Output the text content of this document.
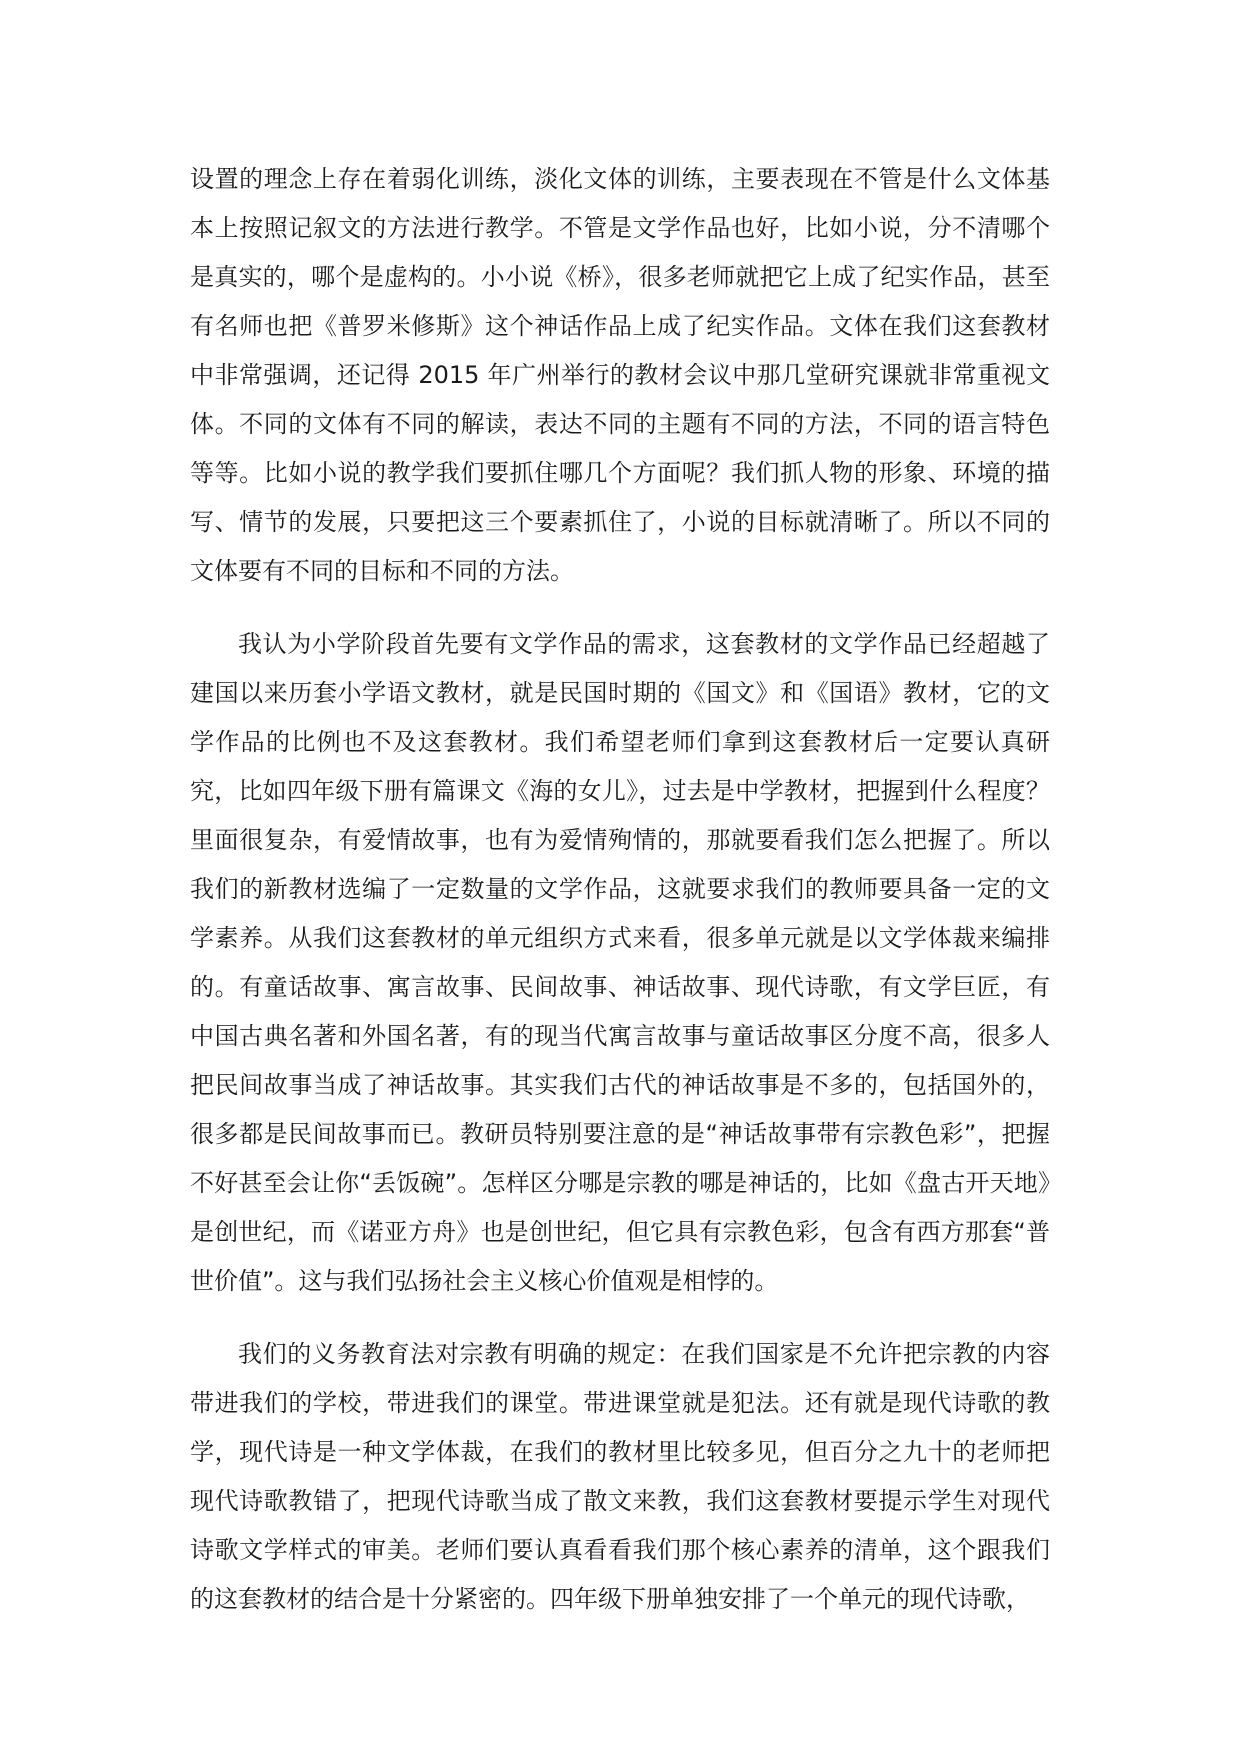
设置的理念上存在着弱化训练，淡化文体的训练，主要表现在不管是什么文体基本上按照记叙文的方法进行教学。不管是文学作品也好，比如小说，分不清哪个是真实的，哪个是虚构的。小小说《桥》，很多老师就把它上成了纪实作品，甚至有名师也把《普罗米修斯》这个神话作品上成了纪实作品。文体在我们这套教材中非常强调，还记得 2015 年广州举行的教材会议中那几堂研究课就非常重视文体。不同的文体有不同的解读，表达不同的主题有不同的方法，不同的语言特色等等。比如小说的教学我们要抓住哪几个方面呢？我们抓人物的形象、环境的描写、情节的发展，只要把这三个要素抓住了，小说的目标就清晰了。所以不同的文体要有不同的目标和不同的方法。

我认为小学阶段首先要有文学作品的需求，这套教材的文学作品已经超越了建国以来历套小学语文教材，就是民国时期的《国文》和《国语》教材，它的文学作品的比例也不及这套教材。我们希望老师们拿到这套教材后一定要认真研究，比如四年级下册有篇课文《海的女儿》，过去是中学教材，把握到什么程度？里面很复杂，有爱情故事，也有为爱情殉情的，那就要看我们怎么把握了。所以我们的新教材选编了一定数量的文学作品，这就要求我们的教师要具备一定的文学素养。从我们这套教材的单元组织方式来看，很多单元就是以文学体裁来编排的。有童话故事、寓言故事、民间故事、神话故事、现代诗歌，有文学巨匠，有中国古典名著和外国名著，有的现当代寓言故事与童话故事区分度不高，很多人把民间故事当成了神话故事。其实我们古代的神话故事是不多的，包括国外的，很多都是民间故事而已。教研员特别要注意的是“神话故事带有宗教色彩”，把握不好甚至会让你“丢饭碗”。怎样区分哪是宗教的哪是神话的，比如《盘古开天地》是创世纪，而《诺亚方舟》也是创世纪，但它具有宗教色彩，包含有西方那套“普世价值”。这与我们弘扬社会主义核心价值观是相悖的。

我们的义务教育法对宗教有明确的规定：在我们国家是不允许把宗教的内容带进我们的学校，带进我们的课堂。带进课堂就是犯法。还有就是现代诗歌的教学，现代诗是一种文学体裁，在我们的教材里比较多见，但百分之九十的老师把现代诗歌教错了，把现代诗歌当成了散文来教，我们这套教材要提示学生对现代诗歌文学样式的审美。老师们要认真看看我们那个核心素养的清单，这个跟我们的这套教材的结合是十分紧密的。四年级下册单独安排了一个单元的现代诗歌，
